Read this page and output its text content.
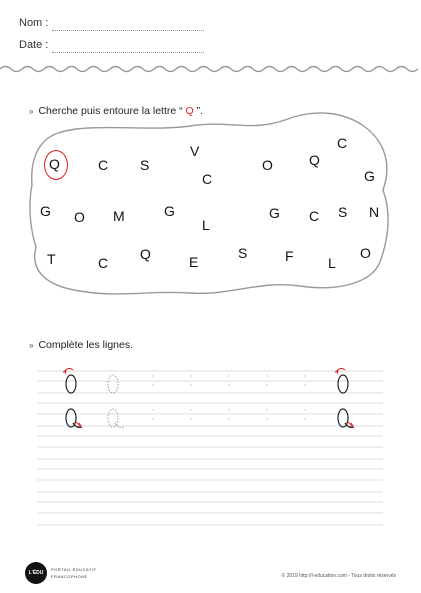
Nom :
Date :
» Cherche puis entoure la lettre “ Q ”.
Q	C S
V
C
O	Q
C
G
G O M	G
L
G C S N
T	C
Q	E
S	F L
O
» Complète les lignes.
L'ÉDU
PORTAIL ÉDUCATIF
FRANCOPHONE	© 2019 http://l-education.com - Tous droits réservés
